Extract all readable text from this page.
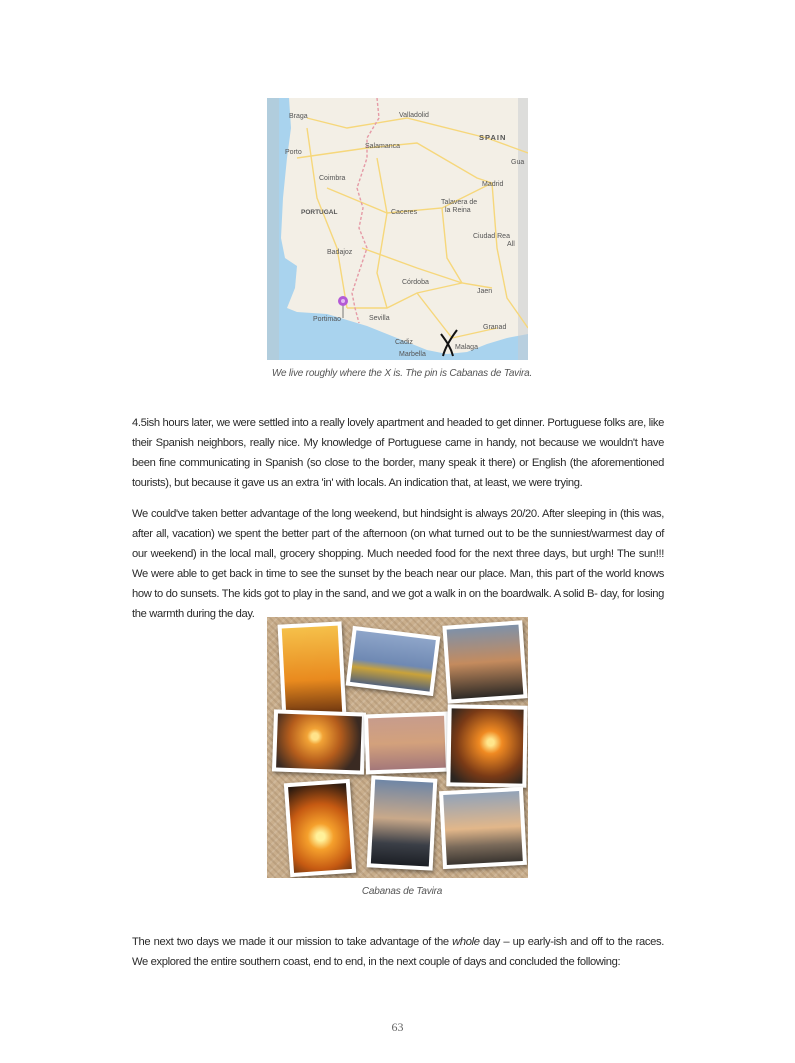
Braga	Valladolid
SPAIN
Porto
Salamanca
Gua
Coimbra
Madrid
PORTUGAL	Caceres
Talavera de
la Reina
Ciudad Rea
All
Badajoz
Córdoba
Jaen
Portimao	Sevilla
Granad
Cadiz
Malaga
Marbella
We live roughly where the X is. The pin is Cabanas de Tavira.
4.5ish hours later, we were settled into a really lovely apartment and headed to get dinner. Portuguese folks are, like their Spanish neighbors, really nice. My knowledge of Portuguese came in handy, not because we wouldn't have been fine communicating in Spanish (so close to the border, many speak it there) or English (the aforementioned tourists), but because it gave us an extra 'in' with locals. An indication that, at least, we were trying.
We could've taken better advantage of the long weekend, but hindsight is always 20/20. After sleeping in (this was, after all, vacation) we spent the better part of the afternoon (on what turned out to be the sunniest/warmest day of our weekend) in the local mall, grocery shopping. Much needed food for the next three days, but urgh! The sun!!! We were able to get back in time to see the sunset by the beach near our place. Man, this part of the world knows how to do sunsets. The kids got to play in the sand, and we got a walk in on the boardwalk. A solid B- day, for losing the warmth during the day.
Cabanas de Tavira
The next two days we made it our mission to take advantage of the whole day – up early-ish and off to the races. We explored the entire southern coast, end to end, in the next couple of days and concluded the following:
63
